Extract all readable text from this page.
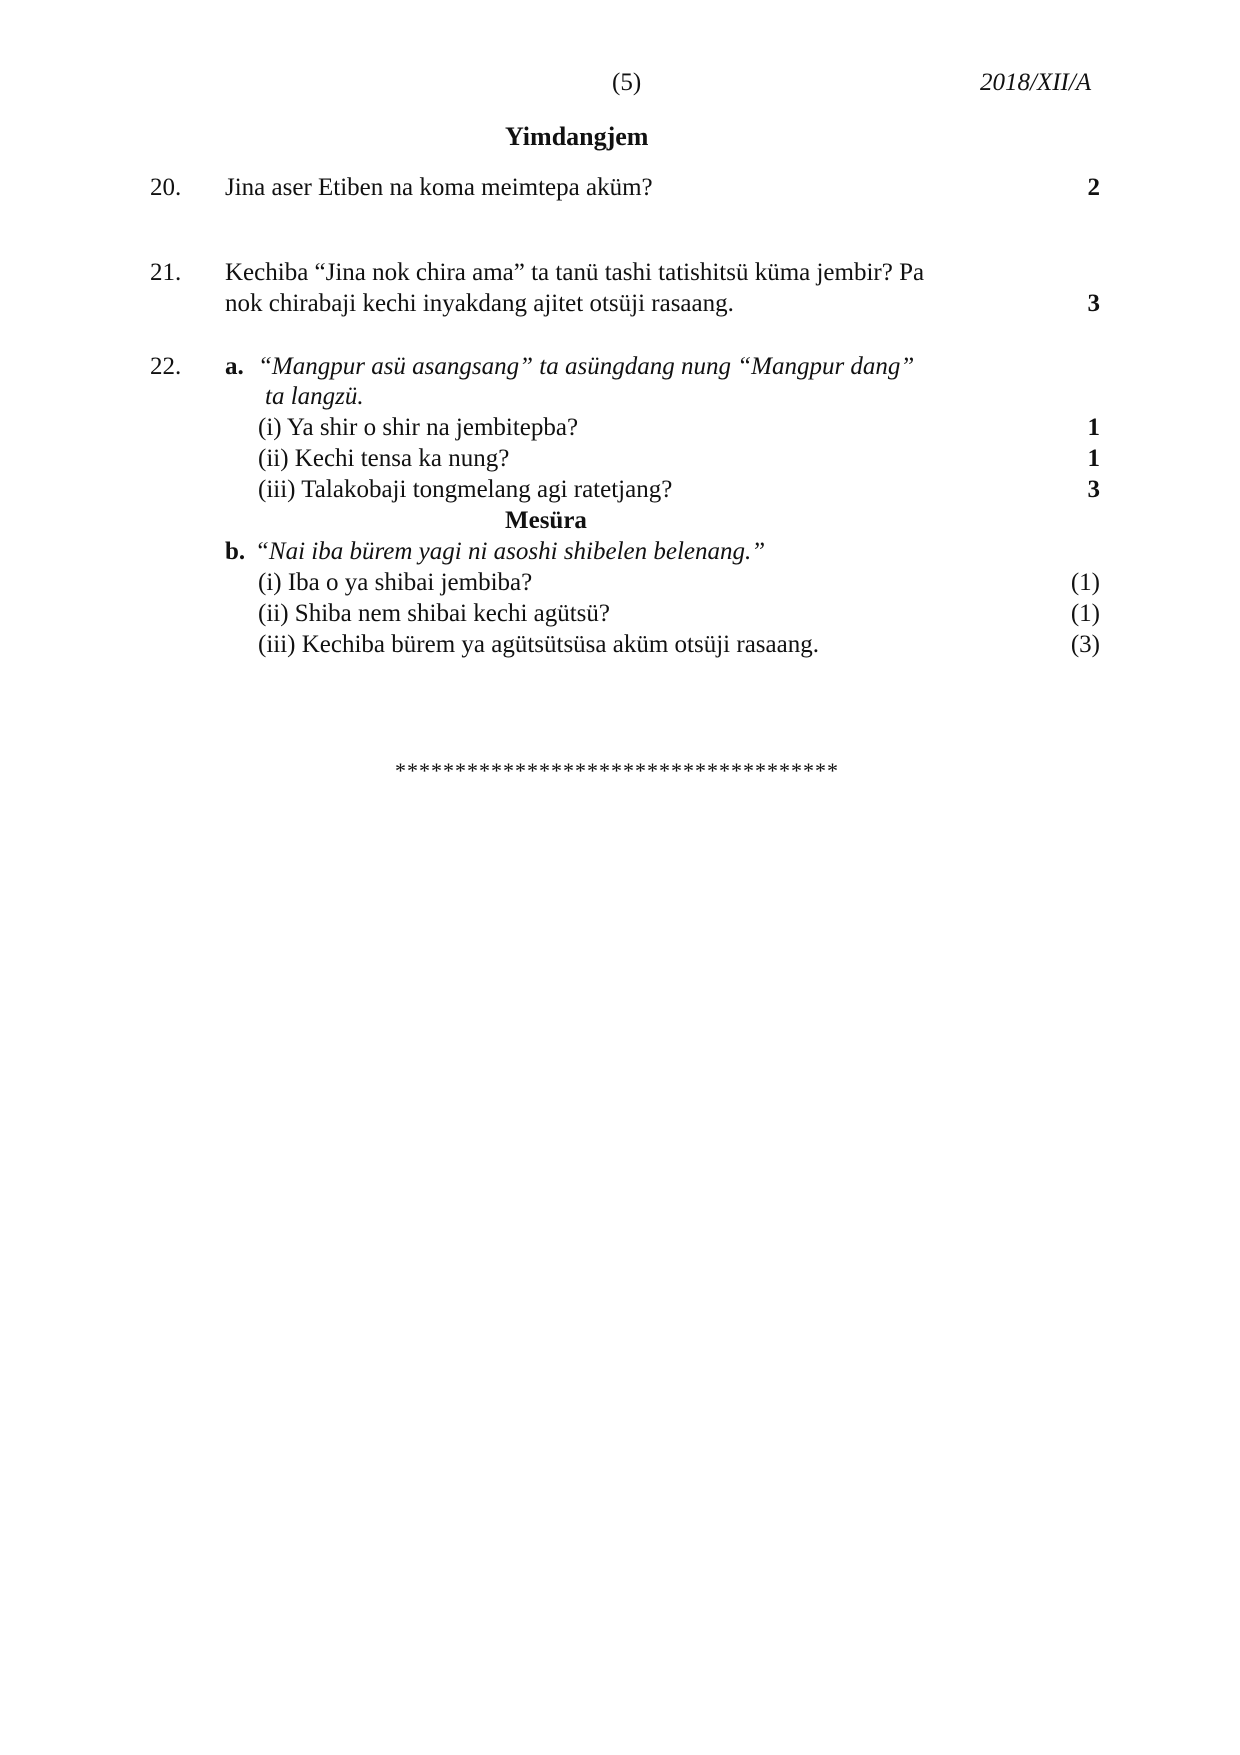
(5)	2018/XII/A
Yimdangjem
20. Jina aser Etiben na koma meimtepa aküm?	2
21. Kechiba “Jina nok chira ama” ta tanü tashi tatishitsü küma jembir? Pa
nok chirabaji kechi inyakdang ajitet otsüji rasaang.	3
22. a. “Mangpur asü asangsang” ta asüngdang nung “Mangpur dang”
ta langzü.
(i) Ya shir o shir na jembitepba?	1
(ii) Kechi tensa ka nung?	1
(iii) Talakobaji tongmelang agi ratetjang?	3
Mesüra
b. “Nai iba bürem yagi ni asoshi shibelen belenang.”
(i) Iba o ya shibai jembiba?	(1)
(ii) Shiba nem shibai kechi agütsü?	(1)
(iii) Kechiba bürem ya agütsütsüsa aküm otsüji rasaang.	(3)
*************************************
